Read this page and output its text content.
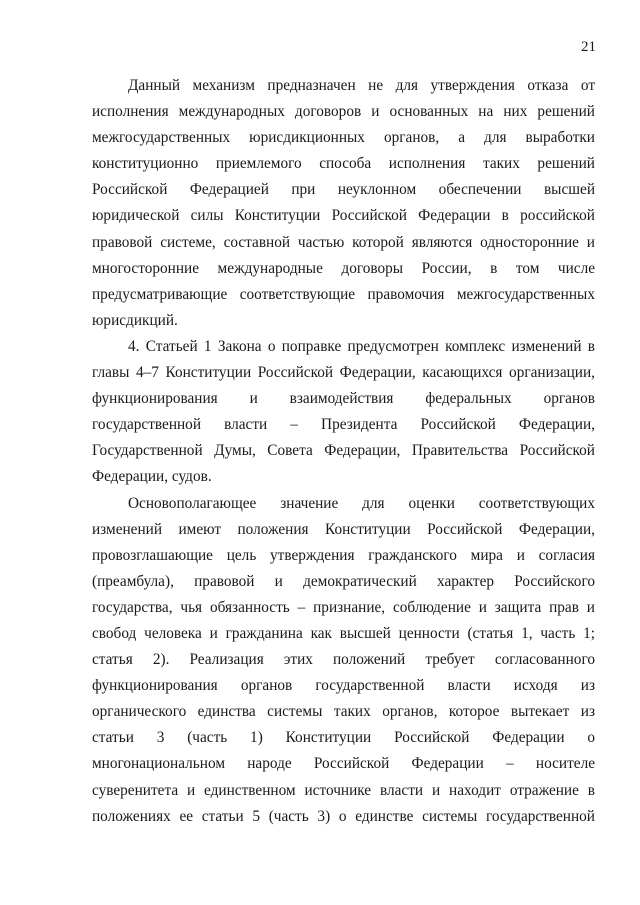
21
Данный механизм предназначен не для утверждения отказа от
исполнения международных договоров и основанных на них решений
межгосударственных юрисдикционных органов, а для выработки
конституционно приемлемого способа исполнения таких решений
Российской Федерацией при неуклонном обеспечении высшей
юридической силы Конституции Российской Федерации в российской
правовой системе, составной частью которой являются односторонние и
многосторонние международные договоры России, в том числе
предусматривающие соответствующие правомочия межгосударственных
юрисдикций.
4. Статьей 1 Закона о поправке предусмотрен комплекс изменений в
главы 4–7 Конституции Российской Федерации, касающихся организации,
функционирования и взаимодействия федеральных органов
государственной власти – Президента Российской Федерации,
Государственной Думы, Совета Федерации, Правительства Российской
Федерации, судов.
Основополагающее значение для оценки соответствующих
изменений имеют положения Конституции Российской Федерации,
провозглашающие цель утверждения гражданского мира и согласия
(преамбула), правовой и демократический характер Российского
государства, чья обязанность – признание, соблюдение и защита прав и
свобод человека и гражданина как высшей ценности (статья 1, часть 1;
статья 2). Реализация этих положений требует согласованного
функционирования органов государственной власти исходя из
органического единства системы таких органов, которое вытекает из
статьи 3 (часть 1) Конституции Российской Федерации о
многонациональном народе Российской Федерации – носителе
суверенитета и единственном источнике власти и находит отражение в
положениях ее статьи 5 (часть 3) о единстве системы государственной
